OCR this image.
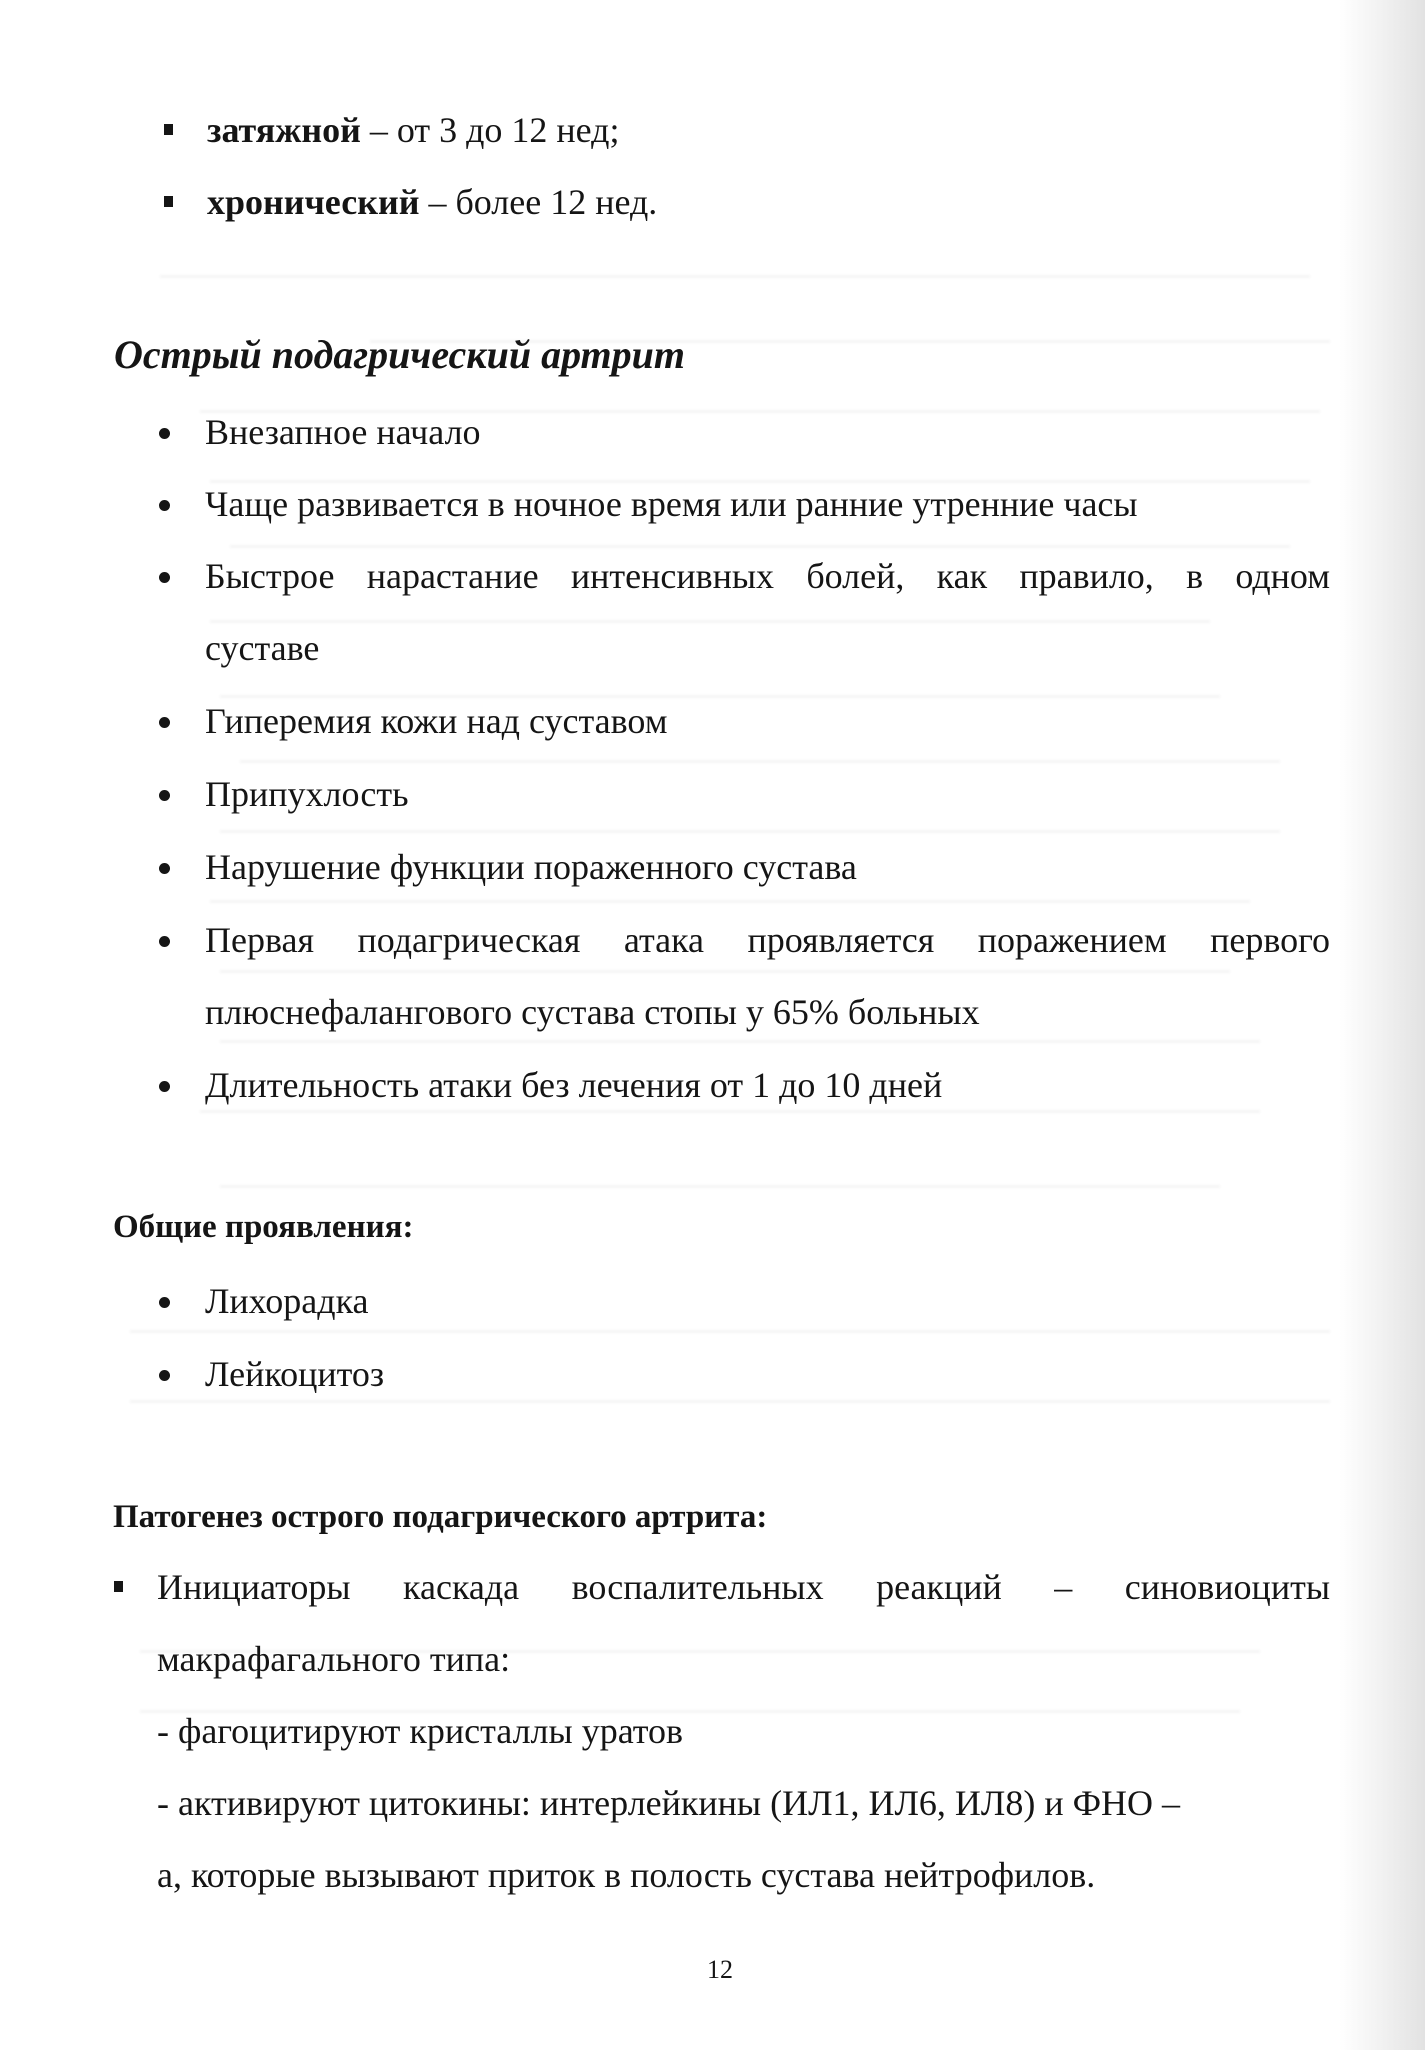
затяжной – от 3 до 12 нед;
хронический – более 12 нед.
Острый подагрический артрит
Внезапное начало
Чаще развивается в ночное время или ранние утренние часы
Быстрое нарастание интенсивных болей, как правило, в одном
суставе
Гиперемия кожи над суставом
Припухлость
Нарушение функции пораженного сустава
Первая подагрическая атака проявляется поражением первого
плюснефалангового сустава стопы у 65% больных
Длительность атаки без лечения от 1 до 10 дней
Общие проявления:
Лихорадка
Лейкоцитоз
Патогенез острого подагрического артрита:
Инициаторы каскада воспалительных реакций – синовиоциты
макрафагального типа:
- фагоцитируют кристаллы уратов
- активируют цитокины: интерлейкины (ИЛ1, ИЛ6, ИЛ8) и ФНО –
а, которые вызывают приток в полость сустава нейтрофилов.
12
